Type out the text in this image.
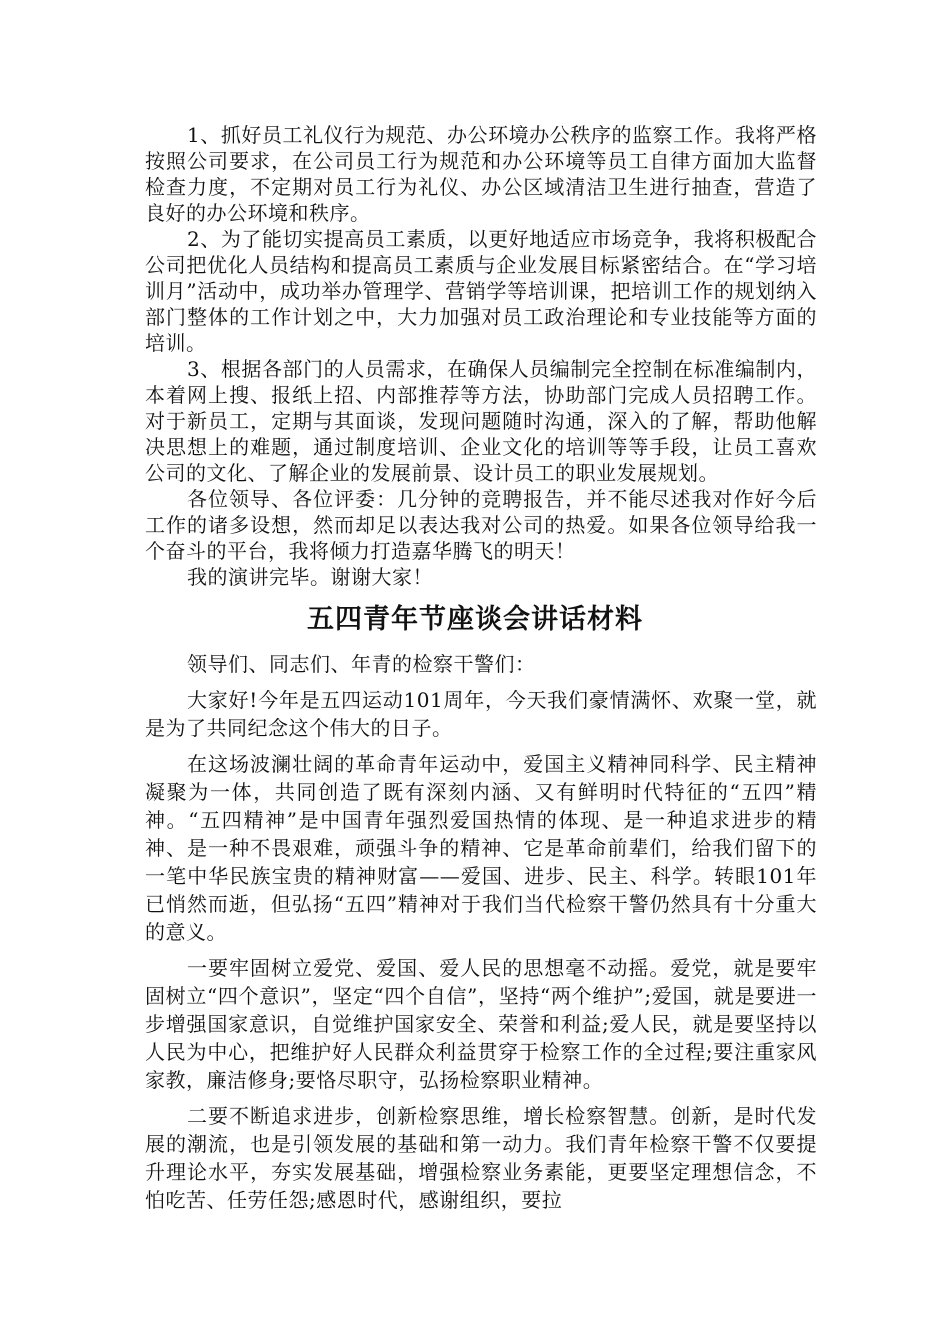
1、抓好员工礼仪行为规范、办公环境办公秩序的监察工作。我将严格按照公司要求，在公司员工行为规范和办公环境等员工自律方面加大监督检查力度，不定期对员工行为礼仪、办公区域清洁卫生进行抽查，营造了良好的办公环境和秩序。

2、为了能切实提高员工素质，以更好地适应市场竞争，我将积极配合公司把优化人员结构和提高员工素质与企业发展目标紧密结合。在“学习培训月”活动中，成功举办管理学、营销学等培训课，把培训工作的规划纳入部门整体的工作计划之中，大力加强对员工政治理论和专业技能等方面的培训。

3、根据各部门的人员需求，在确保人员编制完全控制在标准编制内，本着网上搜、报纸上招、内部推荐等方法，协助部门完成人员招聘工作。对于新员工，定期与其面谈，发现问题随时沟通，深入的了解，帮助他解决思想上的难题，通过制度培训、企业文化的培训等等手段，让员工喜欢公司的文化、了解企业的发展前景、设计员工的职业发展规划。

各位领导、各位评委：几分钟的竞聘报告，并不能尽述我对作好今后工作的诸多设想，然而却足以表达我对公司的热爱。如果各位领导给我一个奋斗的平台，我将倾力打造嘉华腾飞的明天！

我的演讲完毕。谢谢大家！

五四青年节座谈会讲话材料

领导们、同志们、年青的检察干警们：

大家好!今年是五四运动101周年，今天我们豪情满怀、欢聚一堂，就是为了共同纪念这个伟大的日子。

在这场波澜壮阔的革命青年运动中，爱国主义精神同科学、民主精神凝聚为一体，共同创造了既有深刻内涵、又有鲜明时代特征的“五四”精神。“五四精神”是中国青年强烈爱国热情的体现、是一种追求进步的精神、是一种不畏艰难，顽强斗争的精神、它是革命前辈们，给我们留下的一笔中华民族宝贵的精神财富——爱国、进步、民主、科学。转眼101年已悄然而逝，但弘扬“五四”精神对于我们当代检察干警仍然具有十分重大的意义。

一要牢固树立爱党、爱国、爱人民的思想毫不动摇。爱党，就是要牢固树立“四个意识”，坚定“四个自信”，坚持“两个维护”;爱国，就是要进一步增强国家意识，自觉维护国家安全、荣誉和利益;爱人民，就是要坚持以人民为中心，把维护好人民群众利益贯穿于检察工作的全过程;要注重家风家教，廉洁修身;要恪尽职守，弘扬检察职业精神。

二要不断追求进步，创新检察思维，增长检察智慧。创新，是时代发展的潮流，也是引领发展的基础和第一动力。我们青年检察干警不仅要提升理论水平，夯实发展基础，增强检察业务素能，更要坚定理想信念，不怕吃苦、任劳任怨;感恩时代，感谢组织，要拉
